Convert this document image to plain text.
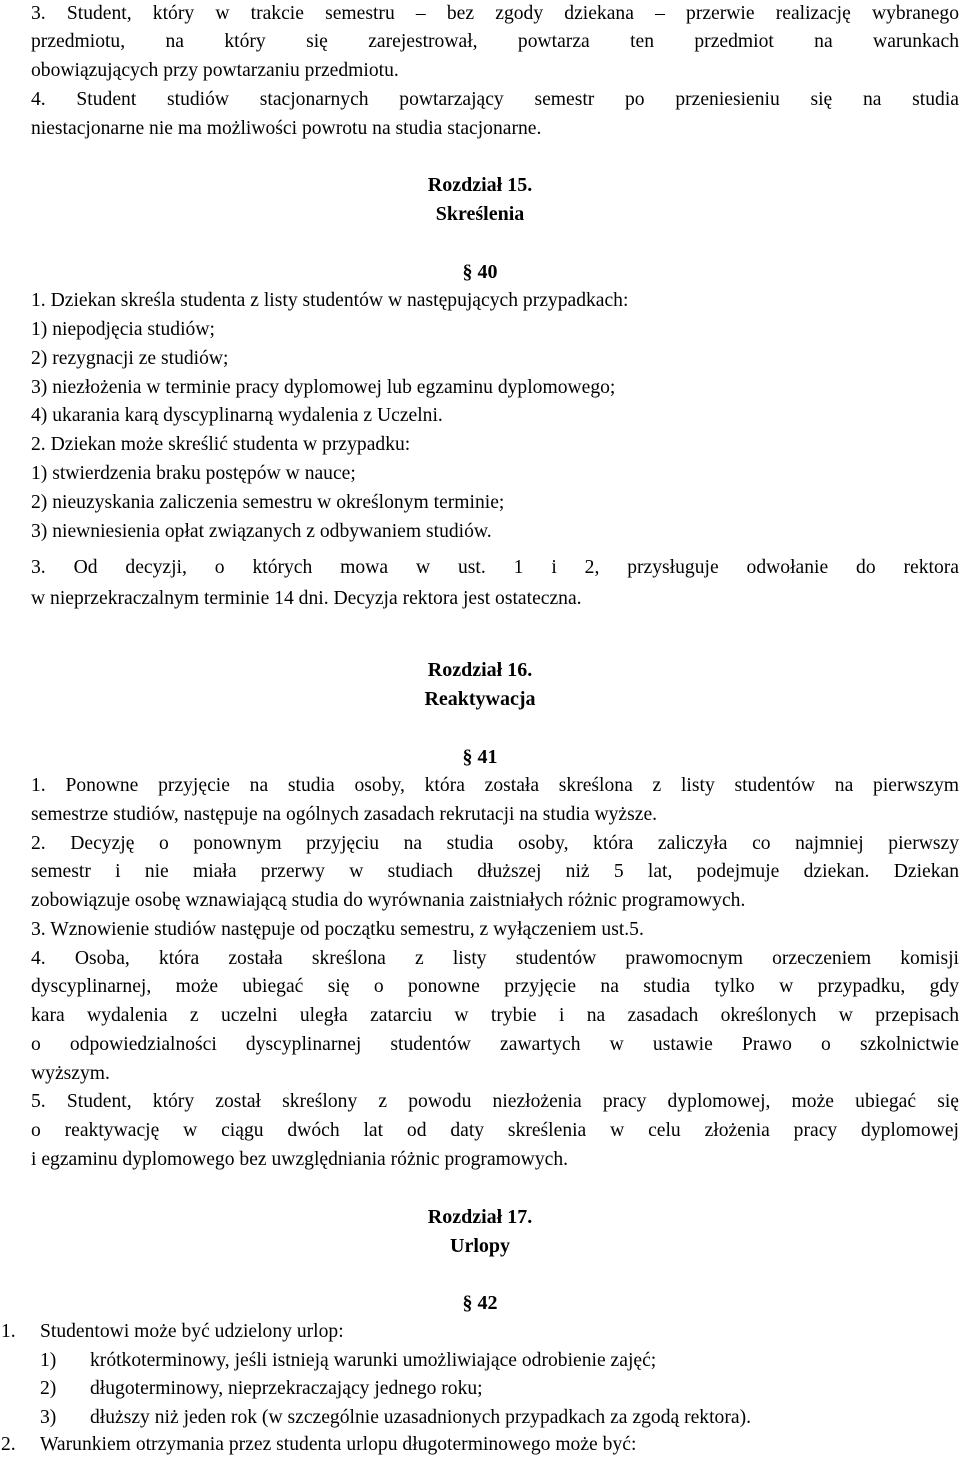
3. Student, który w trakcie semestru – bez zgody dziekana – przerwie realizację wybranego
przedmiotu, na który się zarejestrował, powtarza ten przedmiot na warunkach
obowiązujących przy powtarzaniu przedmiotu.
4. Student studiów stacjonarnych powtarzający semestr po przeniesieniu się na studia
niestacjonarne nie ma możliwości powrotu na studia stacjonarne.
Rozdział 15.
Skreślenia
§ 40
1. Dziekan skreśla studenta z listy studentów w następujących przypadkach:
1) niepodjęcia studiów;
2) rezygnacji ze studiów;
3) niezłożenia w terminie pracy dyplomowej lub egzaminu dyplomowego;
4) ukarania karą dyscyplinarną wydalenia z Uczelni.
2. Dziekan może skreślić studenta w przypadku:
1) stwierdzenia braku postępów w nauce;
2) nieuzyskania zaliczenia semestru w określonym terminie;
3) niewniesienia opłat związanych z odbywaniem studiów.
3. Od decyzji, o których mowa w ust. 1 i 2, przysługuje odwołanie do rektora
w nieprzekraczalnym terminie 14 dni. Decyzja rektora jest ostateczna.
Rozdział 16.
Reaktywacja
§ 41
1. Ponowne przyjęcie na studia osoby, która została skreślona z listy studentów na pierwszym
semestrze studiów, następuje na ogólnych zasadach rekrutacji na studia wyższe.
2. Decyzję o ponownym przyjęciu na studia osoby, która zaliczyła co najmniej pierwszy
semestr i nie miała przerwy w studiach dłuższej niż 5 lat, podejmuje dziekan. Dziekan
zobowiązuje osobę wznawiającą studia do wyrównania zaistniałych różnic programowych.
3. Wznowienie studiów następuje od początku semestru, z wyłączeniem ust.5.
4. Osoba, która została skreślona z listy studentów prawomocnym orzeczeniem komisji
dyscyplinarnej, może ubiegać się o ponowne przyjęcie na studia tylko w przypadku, gdy
kara wydalenia z uczelni uległa zatarciu w trybie i na zasadach określonych w przepisach
o odpowiedzialności dyscyplinarnej studentów zawartych w ustawie Prawo o szkolnictwie
wyższym.
5. Student, który został skreślony z powodu niezłożenia pracy dyplomowej, może ubiegać się
o reaktywację w ciągu dwóch lat od daty skreślenia w celu złożenia pracy dyplomowej
i egzaminu dyplomowego bez uwzględniania różnic programowych.
Rozdział 17.
Urlopy
§ 42
1. Studentowi może być udzielony urlop:
1) krótkoterminowy, jeśli istnieją warunki umożliwiające odrobienie zajęć;
2) długoterminowy, nieprzekraczający jednego roku;
3) dłuższy niż jeden rok (w szczególnie uzasadnionych przypadkach za zgodą rektora).
2. Warunkiem otrzymania przez studenta urlopu długoterminowego może być:
